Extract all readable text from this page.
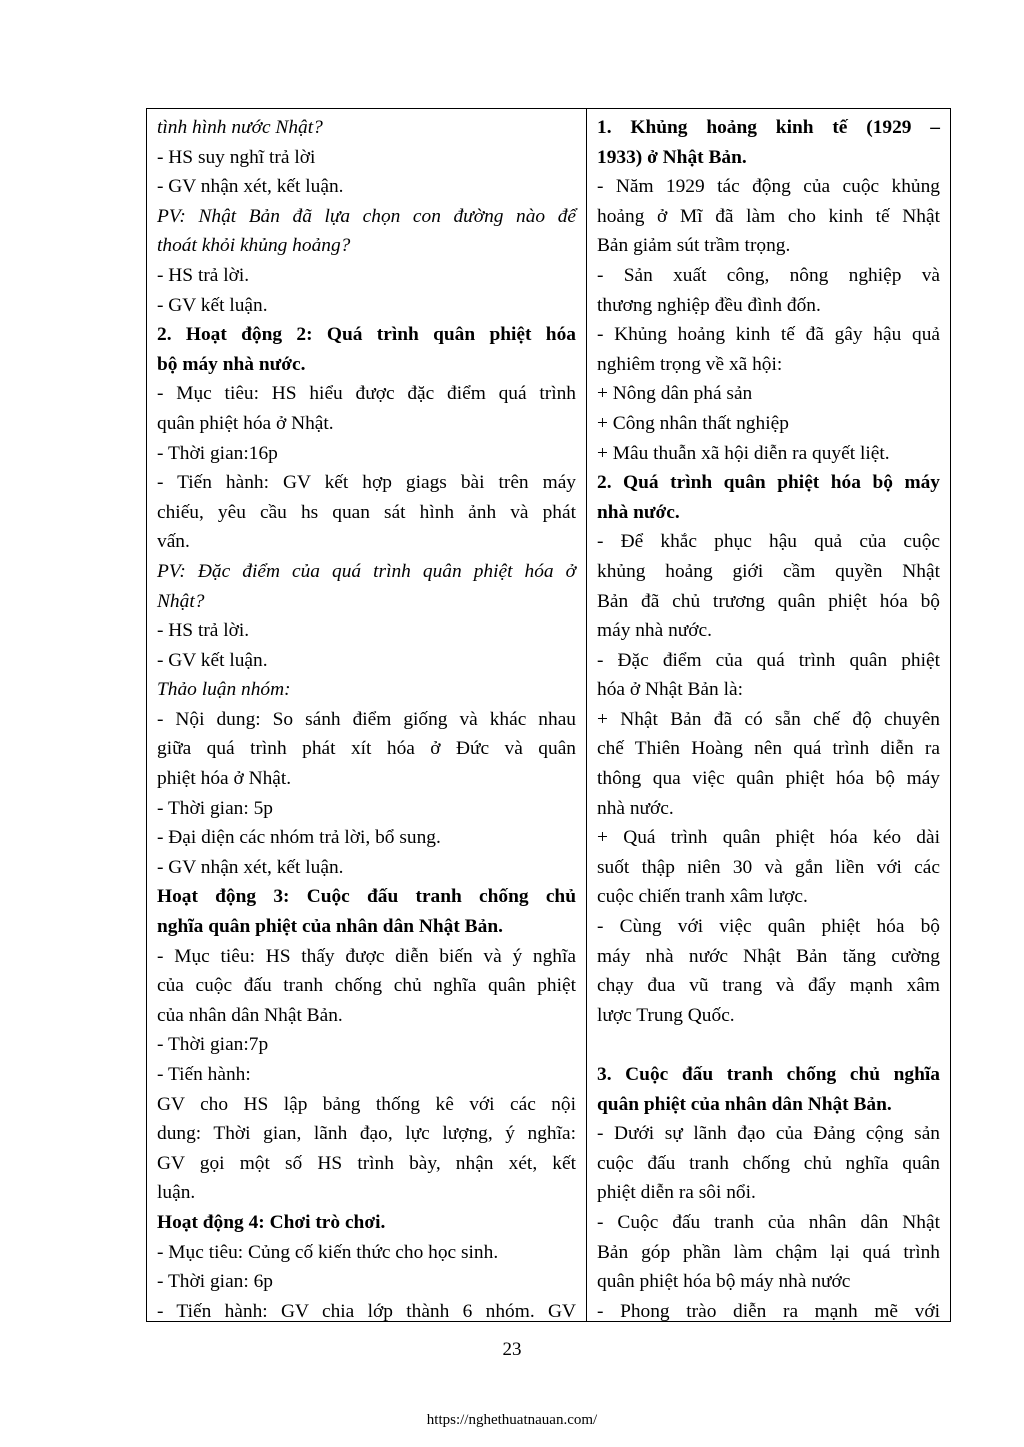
tình hình nước Nhật?
- HS suy nghĩ trả lời
- GV nhận xét, kết luận.
PV: Nhật Bản đã lựa chọn con đường nào để
thoát khỏi khủng hoảng?
- HS trả lời.
- GV kết luận.
2. Hoạt động 2: Quá trình quân phiệt hóa
bộ máy nhà nước.
- Mục tiêu: HS hiểu được đặc điểm quá trình
quân phiệt hóa ở Nhật.
- Thời gian:16p
- Tiến hành: GV kết hợp giags bài trên máy
chiếu, yêu cầu hs quan sát hình ảnh và phát
vấn.
PV: Đặc điểm của quá trình quân phiệt hóa ở
Nhật?
- HS trả lời.
- GV kết luận.
Thảo luận nhóm:
- Nội dung: So sánh điểm giống và khác nhau
giữa quá trình phát xít hóa ở Đức và quân
phiệt hóa ở Nhật.
- Thời gian: 5p
- Đại diện các nhóm trả lời, bổ sung.
- GV nhận xét, kết luận.
Hoạt động 3: Cuộc đấu tranh chống chủ
nghĩa quân phiệt của nhân dân Nhật Bản.
- Mục tiêu: HS thấy được diễn biến và ý nghĩa
của cuộc đấu tranh chống chủ nghĩa quân phiệt
của nhân dân Nhật Bản.
- Thời gian:7p
- Tiến hành:
GV cho HS lập bảng thống kê với các nội
dung: Thời gian, lãnh đạo, lực lượng, ý nghĩa:
GV gọi một số HS trình bày, nhận xét, kết
luận.
Hoạt động 4: Chơi trò chơi.
- Mục tiêu: Củng cố kiến thức cho học sinh.
- Thời gian: 6p
- Tiến hành: GV chia lớp thành 6 nhóm. GV
1. Khủng hoảng kinh tế (1929 –
1933) ở Nhật Bản.
- Năm 1929 tác động của cuộc khủng
hoảng ở Mĩ đã làm cho kinh tế Nhật
Bản giảm sút trầm trọng.
- Sản xuất công, nông nghiệp và
thương nghiệp đều đình đốn.
- Khủng hoảng kinh tế đã gây hậu quả
nghiêm trọng về xã hội:
+ Nông dân phá sản
+ Công nhân thất nghiệp
+ Mâu thuẫn xã hội diễn ra quyết liệt.
2. Quá trình quân phiệt hóa bộ máy
nhà nước.
- Để khắc phục hậu quả của cuộc
khủng hoảng giới cầm quyền Nhật
Bản đã chủ trương quân phiệt hóa bộ
máy nhà nước.
- Đặc điểm của quá trình quân phiệt
hóa ở Nhật Bản là:
+ Nhật Bản đã có sẵn chế độ chuyên
chế Thiên Hoàng nên quá trình diễn ra
thông qua việc quân phiệt hóa bộ máy
nhà nước.
+ Quá trình quân phiệt hóa kéo dài
suốt thập niên 30 và gắn liền với các
cuộc chiến tranh xâm lược.
- Cùng với việc quân phiệt hóa bộ
máy nhà nước Nhật Bản tăng cường
chạy đua vũ trang và đẩy mạnh xâm
lược Trung Quốc.
3. Cuộc đấu tranh chống chủ nghĩa
quân phiệt của nhân dân Nhật Bản.
- Dưới sự lãnh đạo của Đảng cộng sản
cuộc đấu tranh chống chủ nghĩa quân
phiệt diễn ra sôi nổi.
- Cuộc đấu tranh của nhân dân Nhật
Bản góp phần làm chậm lại quá trình
quân phiệt hóa bộ máy nhà nước
- Phong trào diễn ra mạnh mẽ với
23
https://nghethuatnauan.com/
